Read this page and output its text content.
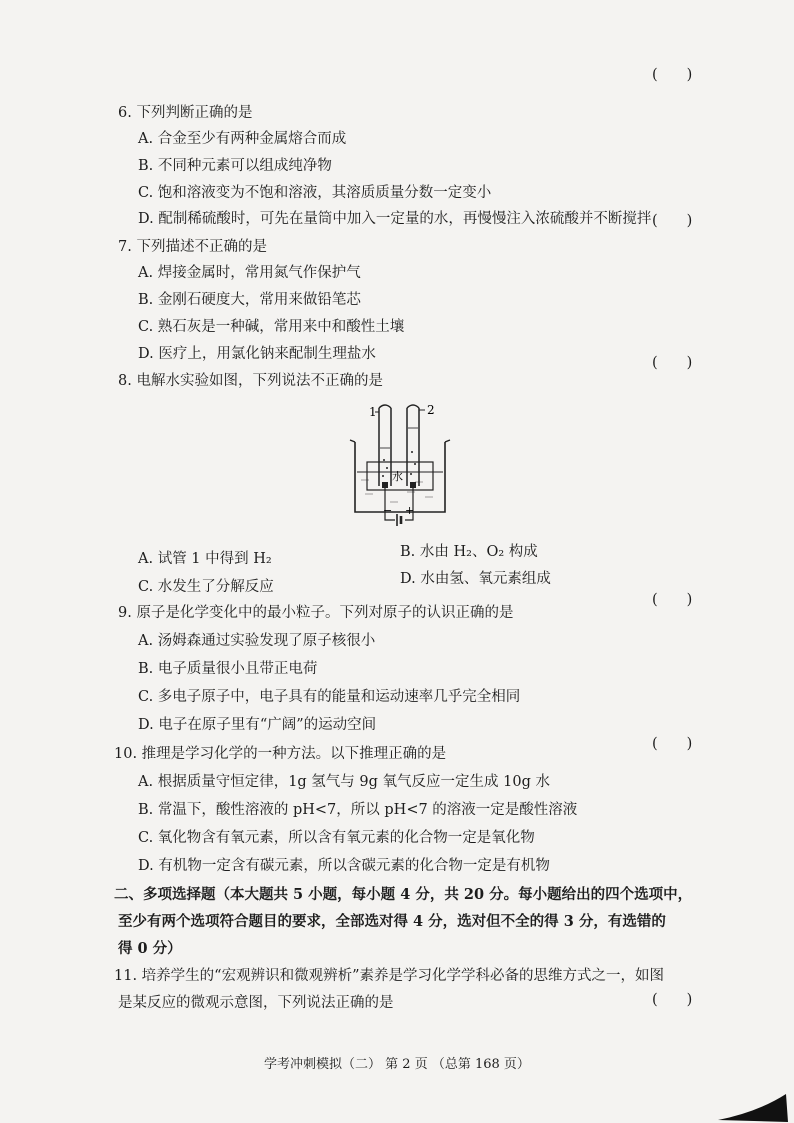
(　　)
(　　)
(　　)
(　　)
(　　)
(　　)
6. 下列判断正确的是
A. 合金至少有两种金属熔合而成
B. 不同种元素可以组成纯净物
C. 饱和溶液变为不饱和溶液，其溶质质量分数一定变小
D. 配制稀硫酸时，可先在量筒中加入一定量的水，再慢慢注入浓硫酸并不断搅拌
7. 下列描述不正确的是
A. 焊接金属时，常用氮气作保护气
B. 金刚石硬度大，常用来做铅笔芯
C. 熟石灰是一种碱，常用来中和酸性土壤
D. 医疗上，用氯化钠来配制生理盐水
8. 电解水实验如图，下列说法不正确的是
1	2
水
− +
A. 试管 1 中得到 H₂	B. 水由 H₂、O₂ 构成
C. 水发生了分解反应	D. 水由氢、氧元素组成
9. 原子是化学变化中的最小粒子。下列对原子的认识正确的是
A. 汤姆森通过实验发现了原子核很小
B. 电子质量很小且带正电荷
C. 多电子原子中，电子具有的能量和运动速率几乎完全相同
D. 电子在原子里有“广阔”的运动空间
10. 推理是学习化学的一种方法。以下推理正确的是
A. 根据质量守恒定律，1g 氢气与 9g 氧气反应一定生成 10g 水
B. 常温下，酸性溶液的 pH<7，所以 pH<7 的溶液一定是酸性溶液
C. 氧化物含有氧元素，所以含有氧元素的化合物一定是氧化物
D. 有机物一定含有碳元素，所以含碳元素的化合物一定是有机物
二、多项选择题（本大题共 5 小题，每小题 4 分，共 20 分。每小题给出的四个选项中，
至少有两个选项符合题目的要求，全部选对得 4 分，选对但不全的得 3 分，有选错的
得 0 分）
11. 培养学生的“宏观辨识和微观辨析”素养是学习化学学科必备的思维方式之一，如图
是某反应的微观示意图，下列说法正确的是
学考冲刺模拟（二） 第 2 页 （总第 168 页）
